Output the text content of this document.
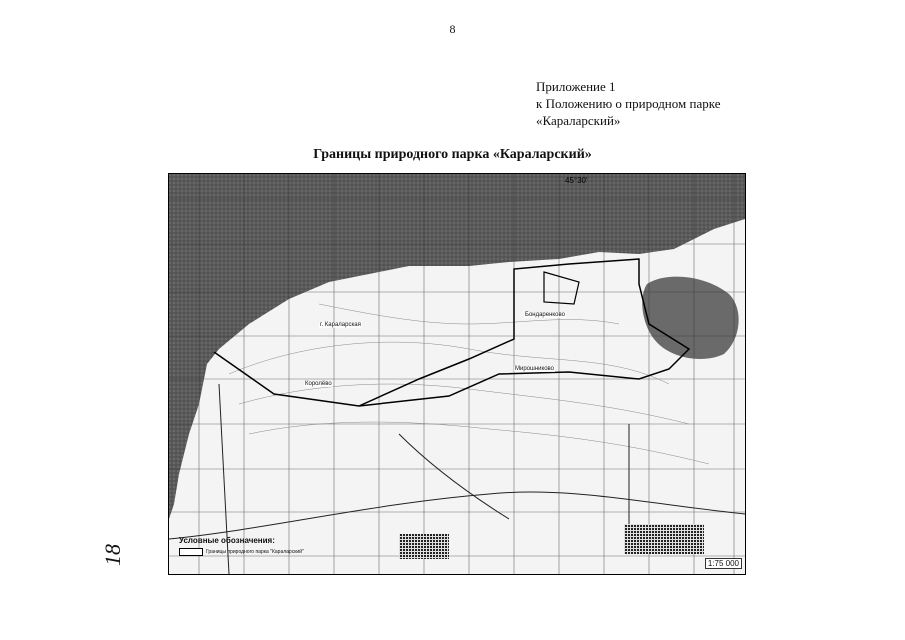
8
Приложение 1
к Положению о природном парке
«Караларский»
Границы природного парка «Караларский»
45°30'
г. Караларская
Мирошниково
Бондаренково
Королёво
Условные обозначения:
Границы природного парка "Караларский"
1:75 000
18
